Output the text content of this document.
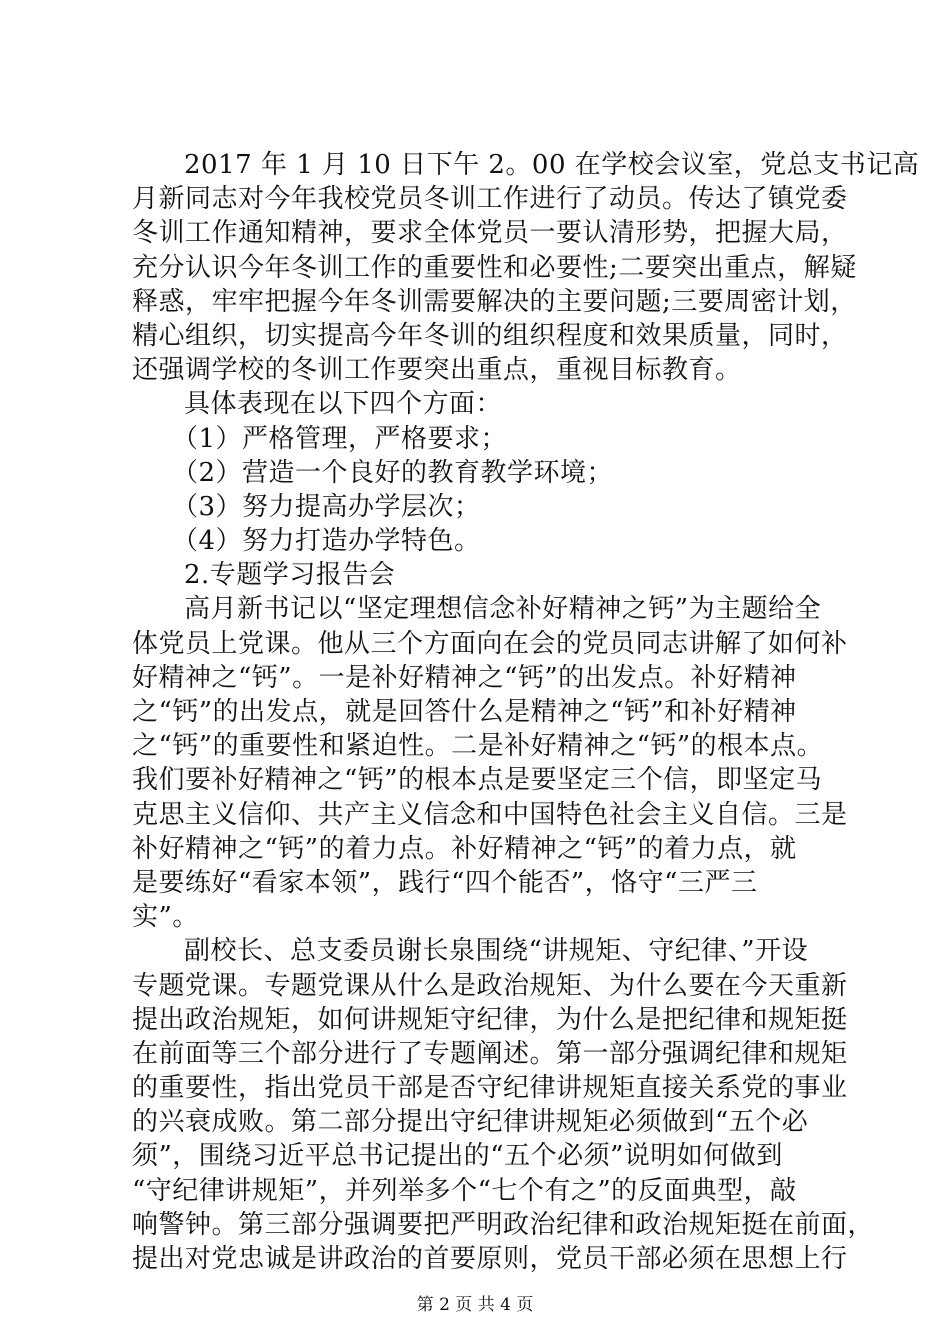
2017 年 1 月 10 日下午 2。00 在学校会议室，党总支书记高
月新同志对今年我校党员冬训工作进行了动员。传达了镇党委
冬训工作通知精神，要求全体党员一要认清形势，把握大局，
充分认识今年冬训工作的重要性和必要性;二要突出重点，解疑
释惑，牢牢把握今年冬训需要解决的主要问题;三要周密计划，
精心组织，切实提高今年冬训的组织程度和效果质量，同时，
还强调学校的冬训工作要突出重点，重视目标教育。
具体表现在以下四个方面：
（1）严格管理，严格要求；
（2）营造一个良好的教育教学环境；
（3）努力提高办学层次；
（4）努力打造办学特色。
2.专题学习报告会
高月新书记以“坚定理想信念补好精神之钙”为主题给全
体党员上党课。他从三个方面向在会的党员同志讲解了如何补
好精神之“钙”。一是补好精神之“钙”的出发点。补好精神
之“钙”的出发点，就是回答什么是精神之“钙”和补好精神
之“钙”的重要性和紧迫性。二是补好精神之“钙”的根本点。
我们要补好精神之“钙”的根本点是要坚定三个信，即坚定马
克思主义信仰、共产主义信念和中国特色社会主义自信。三是
补好精神之“钙”的着力点。补好精神之“钙”的着力点，就
是要练好“看家本领”，践行“四个能否”，恪守“三严三
实”。
副校长、总支委员谢长泉围绕“讲规矩、守纪律、”开设
专题党课。专题党课从什么是政治规矩、为什么要在今天重新
提出政治规矩，如何讲规矩守纪律，为什么是把纪律和规矩挺
在前面等三个部分进行了专题阐述。第一部分强调纪律和规矩
的重要性，指出党员干部是否守纪律讲规矩直接关系党的事业
的兴衰成败。第二部分提出守纪律讲规矩必须做到“五个必
须”，围绕习近平总书记提出的“五个必须”说明如何做到
“守纪律讲规矩”，并列举多个“七个有之”的反面典型，敲
响警钟。第三部分强调要把严明政治纪律和政治规矩挺在前面，
提出对党忠诚是讲政治的首要原则，党员干部必须在思想上行
第 2 页 共 4 页
